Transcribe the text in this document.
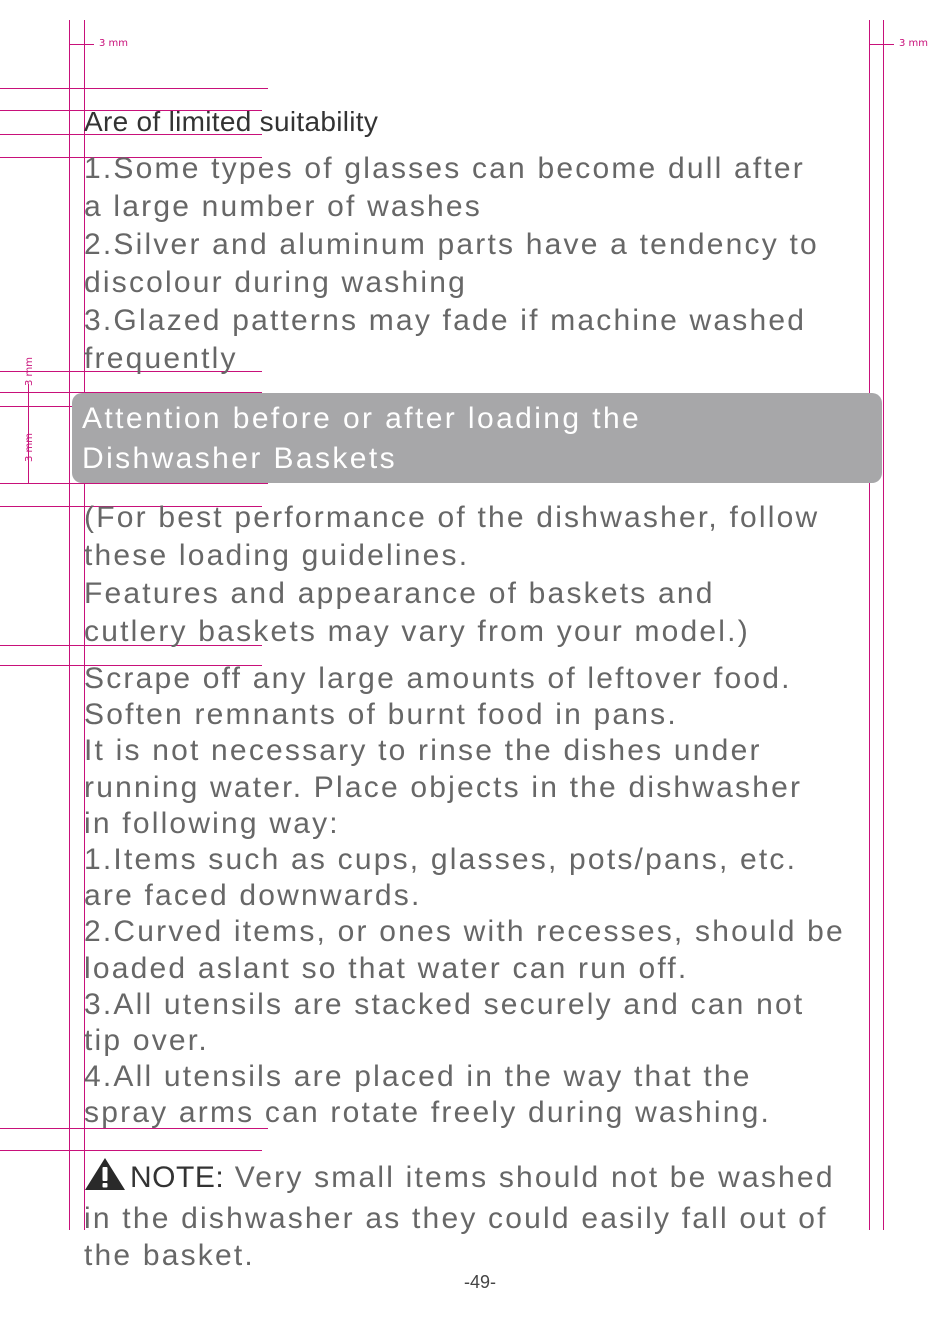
3 mm	3 mm
3 mm
3 mm
Are of limited suitability
1.Some types of glasses can become dull after
a large number of washes
2.Silver and aluminum parts have a tendency to
discolour during washing
3.Glazed patterns may fade if machine washed
frequently
Attention before or after loading the
Dishwasher Baskets
(For best performance of the dishwasher, follow
these loading guidelines.
Features and appearance of baskets and
cutlery baskets may vary from your model.)
Scrape off any large amounts of leftover food.
Soften remnants of burnt food in pans.
It is not necessary to rinse the dishes under
running water. Place objects in the dishwasher
in following way:
1.Items such as cups, glasses, pots/pans, etc.
are faced downwards.
2.Curved items, or ones with recesses, should be
loaded aslant so that water can run off.
3.All utensils are stacked securely and can not
tip over.
4.All utensils are placed in the way that the
spray arms can rotate freely during washing.
NOTE: Very small items should not be washed
in the dishwasher as they could easily fall out of
the basket.
-49-
